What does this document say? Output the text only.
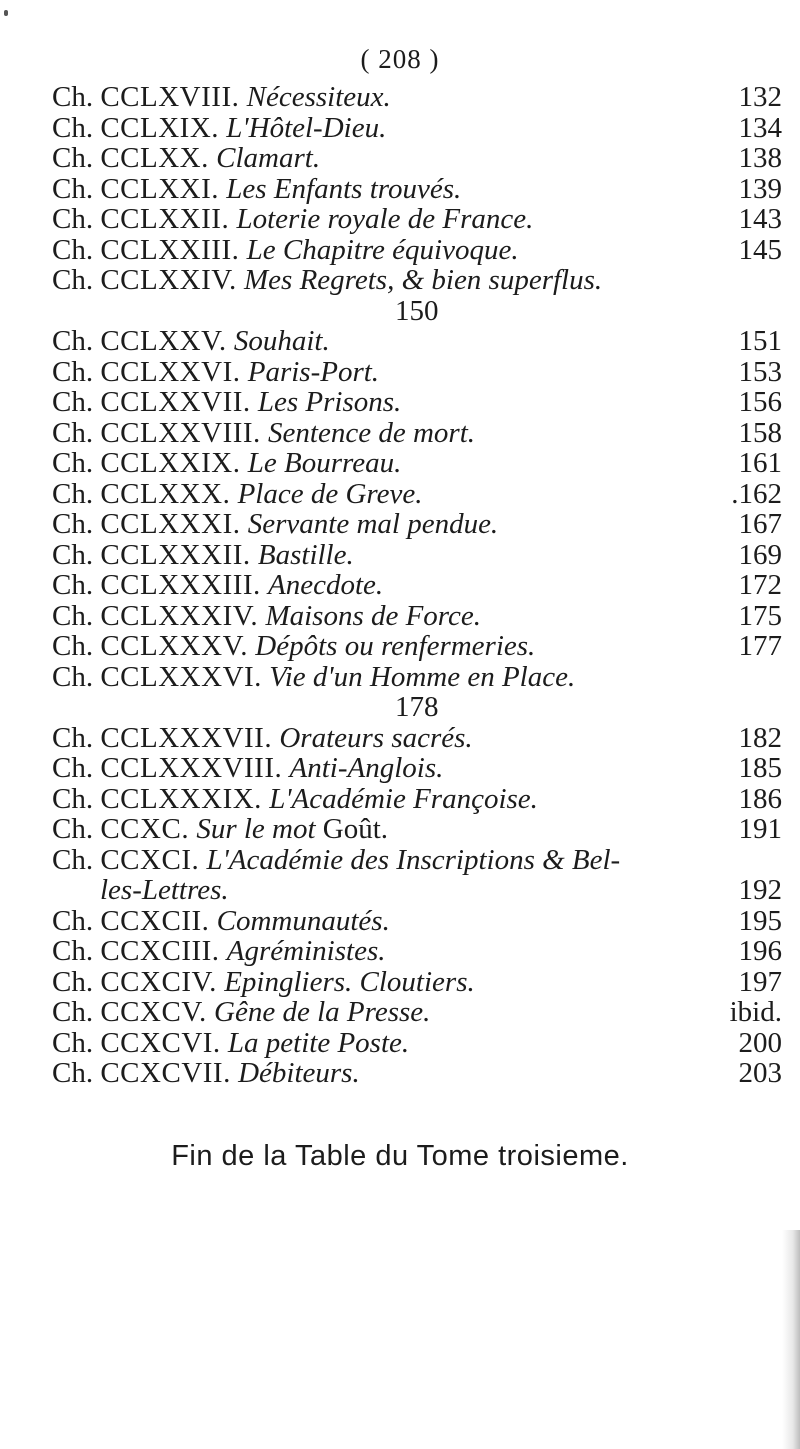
( 208 )
Ch. CCLXVIII. Nécessiteux.	132
Ch. CCLXIX. L'Hôtel-Dieu.	134
Ch. CCLXX. Clamart.	138
Ch. CCLXXI. Les Enfants trouvés.	139
Ch. CCLXXII. Loterie royale de France.	143
Ch. CCLXXIII. Le Chapitre équivoque.	145
Ch. CCLXXIV. Mes Regrets, & bien superflus.
150
Ch. CCLXXV. Souhait.	151
Ch. CCLXXVI. Paris-Port.	153
Ch. CCLXXVII. Les Prisons.	156
Ch. CCLXXVIII. Sentence de mort.	158
Ch. CCLXXIX. Le Bourreau.	161
Ch. CCLXXX. Place de Greve.	.162
Ch. CCLXXXI. Servante mal pendue.	167
Ch. CCLXXXII. Bastille.	169
Ch. CCLXXXIII. Anecdote.	172
Ch. CCLXXXIV. Maisons de Force.	175
Ch. CCLXXXV. Dépôts ou renfermeries.	177
Ch. CCLXXXVI. Vie d'un Homme en Place.
178
Ch. CCLXXXVII. Orateurs sacrés.	182
Ch. CCLXXXVIII. Anti-Anglois.	185
Ch. CCLXXXIX. L'Académie Françoise.	186
Ch. CCXC. Sur le mot Goût.	191
Ch. CCXCI. L'Académie des Inscriptions & Bel-
les-Lettres.	192
Ch. CCXCII. Communautés.	195
Ch. CCXCIII. Agréministes.	196
Ch. CCXCIV. Epingliers. Cloutiers.	197
Ch. CCXCV. Gêne de la Presse.	ibid.
Ch. CCXCVI. La petite Poste.	200
Ch. CCXCVII. Débiteurs.	203
Fin de la Table du Tome troisieme.
